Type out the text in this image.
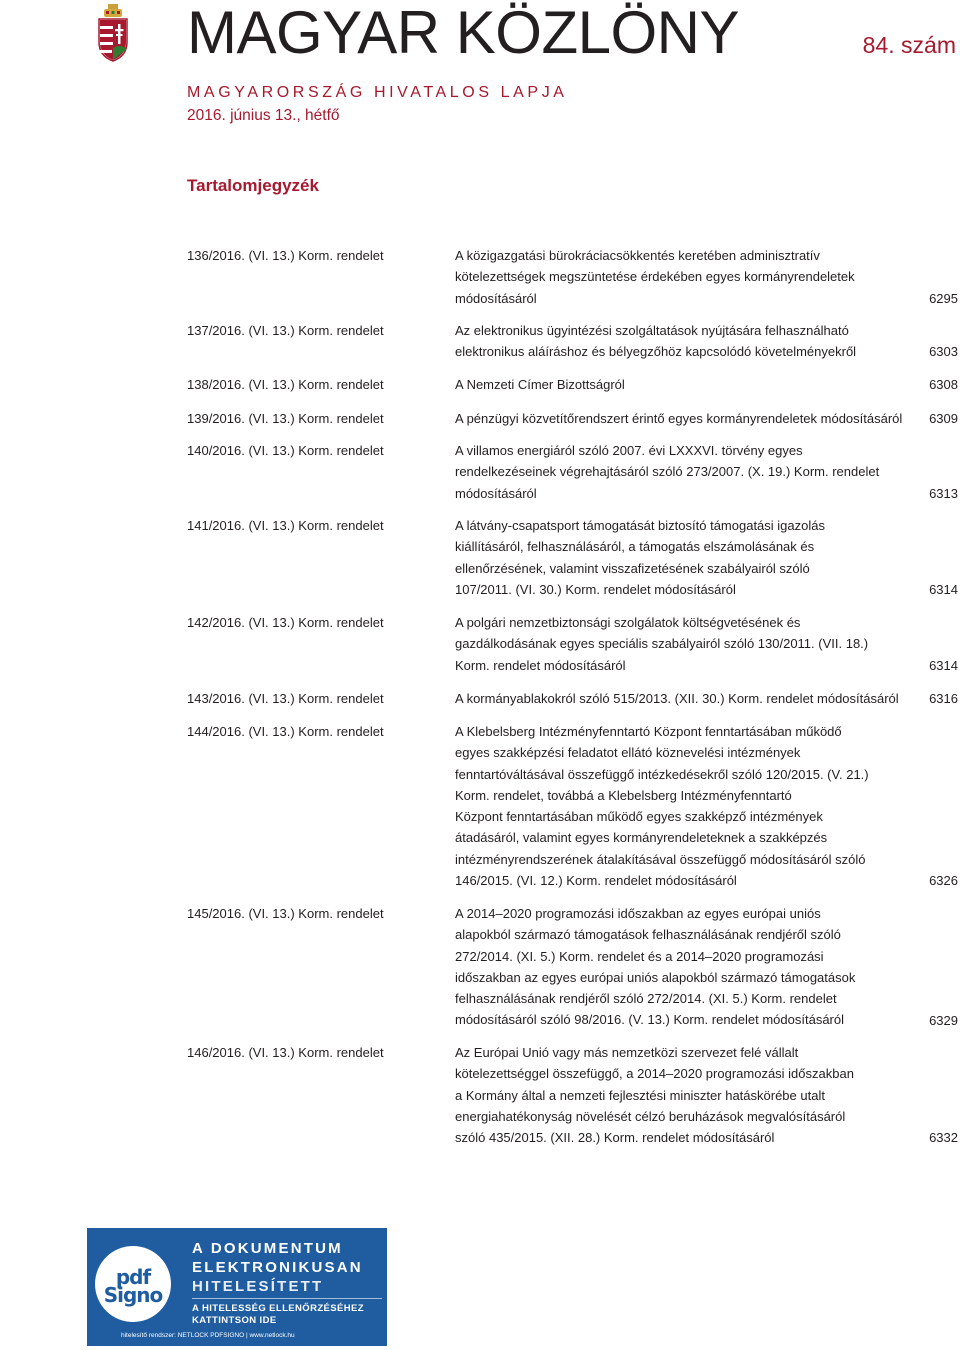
MAGYAR KÖZLÖNY	84. szám
MAGYARORSZÁG HIVATALOS LAPJA
2016. június 13., hétfő
Tartalomjegyzék
136/2016. (VI. 13.) Korm. rendelet	A közigazgatási bürokráciacsökkentés keretében adminisztratív
kötelezettségek megszüntetése érdekében egyes kormányrendeletek
módosításáról	6295
137/2016. (VI. 13.) Korm. rendelet	Az elektronikus ügyintézési szolgáltatások nyújtására felhasználható
elektronikus aláíráshoz és bélyegzőhöz kapcsolódó követelményekről	6303
138/2016. (VI. 13.) Korm. rendelet	A Nemzeti Címer Bizottságról	6308
139/2016. (VI. 13.) Korm. rendelet	A pénzügyi közvetítőrendszert érintő egyes kormányrendeletek módosításáról 6309
140/2016. (VI. 13.) Korm. rendelet	A villamos energiáról szóló 2007. évi LXXXVI. törvény egyes
rendelkezéseinek végrehajtásáról szóló 273/2007. (X. 19.) Korm. rendelet
módosításáról	6313
141/2016. (VI. 13.) Korm. rendelet	A látvány-csapatsport támogatását biztosító támogatási igazolás
kiállításáról, felhasználásáról, a támogatás elszámolásának és
ellenőrzésének, valamint visszafizetésének szabályairól szóló
107/2011. (VI. 30.) Korm. rendelet módosításáról	6314
142/2016. (VI. 13.) Korm. rendelet	A polgári nemzetbiztonsági szolgálatok költségvetésének és
gazdálkodásának egyes speciális szabályairól szóló 130/2011. (VII. 18.)
Korm. rendelet módosításáról	6314
143/2016. (VI. 13.) Korm. rendelet	A kormányablakokról szóló 515/2013. (XII. 30.) Korm. rendelet módosításáról 6316
144/2016. (VI. 13.) Korm. rendelet	A Klebelsberg Intézményfenntartó Központ fenntartásában működő
egyes szakképzési feladatot ellátó köznevelési intézmények
fenntartóváltásával összefüggő intézkedésekről szóló 120/2015. (V. 21.)
Korm. rendelet, továbbá a Klebelsberg Intézményfenntartó
Központ fenntartásában működő egyes szakképző intézmények
átadásáról, valamint egyes kormányrendeleteknek a szakképzés
intézményrendszerének átalakításával összefüggő módosításáról szóló
146/2015. (VI. 12.) Korm. rendelet módosításáról	6326
145/2016. (VI. 13.) Korm. rendelet	A 2014–2020 programozási időszakban az egyes európai uniós
alapokból származó támogatások felhasználásának rendjéről szóló
272/2014. (XI. 5.) Korm. rendelet és a 2014–2020 programozási
időszakban az egyes európai uniós alapokból származó támogatások
felhasználásának rendjéről szóló 272/2014. (XI. 5.) Korm. rendelet
módosításáról szóló 98/2016. (V. 13.) Korm. rendelet módosításáról	6329
146/2016. (VI. 13.) Korm. rendelet	Az Európai Unió vagy más nemzetközi szervezet felé vállalt
kötelezettséggel összefüggő, a 2014–2020 programozási időszakban
a Kormány által a nemzeti fejlesztési miniszter hatáskörébe utalt
energiahatékonyság növelését célzó beruházások megvalósításáról
szóló 435/2015. (XII. 28.) Korm. rendelet módosításáról	6332
pdf
Signo
A DOKUMENTUM
ELEKTRONIKUSAN
HITELESÍTETT
A HITELESSÉG ELLENŐRZÉSÉHEZ
KATTINTSON IDE
hitelesítő rendszer: NETLOCK PDFSIGNO | www.netlock.hu
